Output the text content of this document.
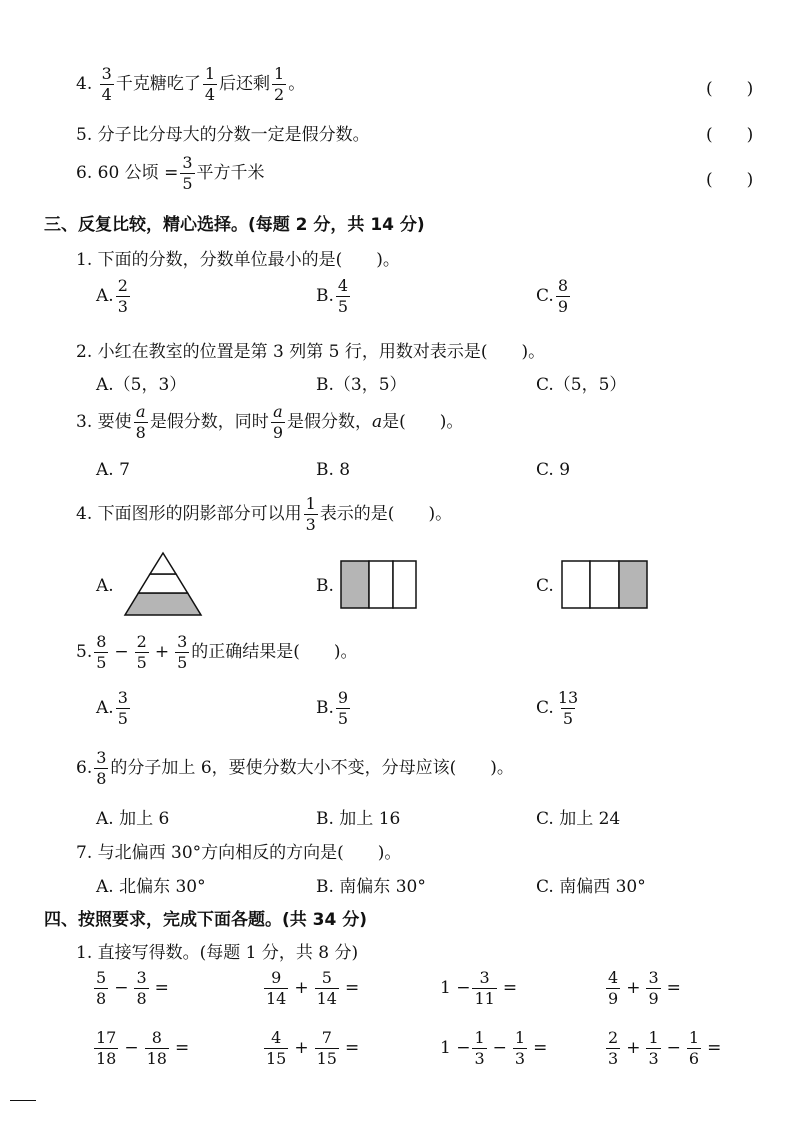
4. $\frac{3}{4}$ 千克糖吃了 $\frac{1}{4}$ 后还剩 $\frac{1}{2}$ 。	(　　)
5. 分子比分母大的分数一定是假分数。	(　　)
6. 60 公顷 = $\frac{3}{5}$ 平方千米	(　　)
三、反复比较，精心选择。(每题 2 分，共 14 分)
1. 下面的分数，分数单位最小的是(　　)。
A. $\frac{2}{3}$	B. $\frac{4}{5}$	C. $\frac{8}{9}$
2. 小红在教室的位置是第 3 列第 5 行，用数对表示是(　　)。
A.（5，3）	B.（3，5）	C.（5，5）
3. 要使 $\frac{a}{8}$ 是假分数，同时 $\frac{a}{9}$ 是假分数，a是(　　)。
A. 7	B. 8	C. 9
4. 下面图形的阴影部分可以用 $\frac{1}{3}$ 表示的是(　　)。
A.	B.	C.
5. $\frac{8}{5} - \frac{2}{5} + \frac{3}{5}$ 的正确结果是(　　)。
A. $\frac{3}{5}$	B. $\frac{9}{5}$	C. $\frac{13}{5}$
6. $\frac{3}{8}$ 的分子加上 6，要使分数大小不变，分母应该(　　)。
A. 加上 6	B. 加上 16	C. 加上 24
7. 与北偏西 30°方向相反的方向是(　　)。
A. 北偏东 30°	B. 南偏东 30°	C. 南偏西 30°
四、按照要求，完成下面各题。(共 34 分)
1. 直接写得数。(每题 1 分，共 8 分)
$\frac{5}{8} - \frac{3}{8}$ =	$\frac{9}{14} + \frac{5}{14}$ =	$1 - \frac{3}{11}$ =	$\frac{4}{9} + \frac{3}{9}$ =
$\frac{17}{18} - \frac{8}{18}$ =	$\frac{4}{15} + \frac{7}{15}$ =	$1 - \frac{1}{3} - \frac{1}{3}$ =	$\frac{2}{3} + \frac{1}{3} - \frac{1}{6}$ =
